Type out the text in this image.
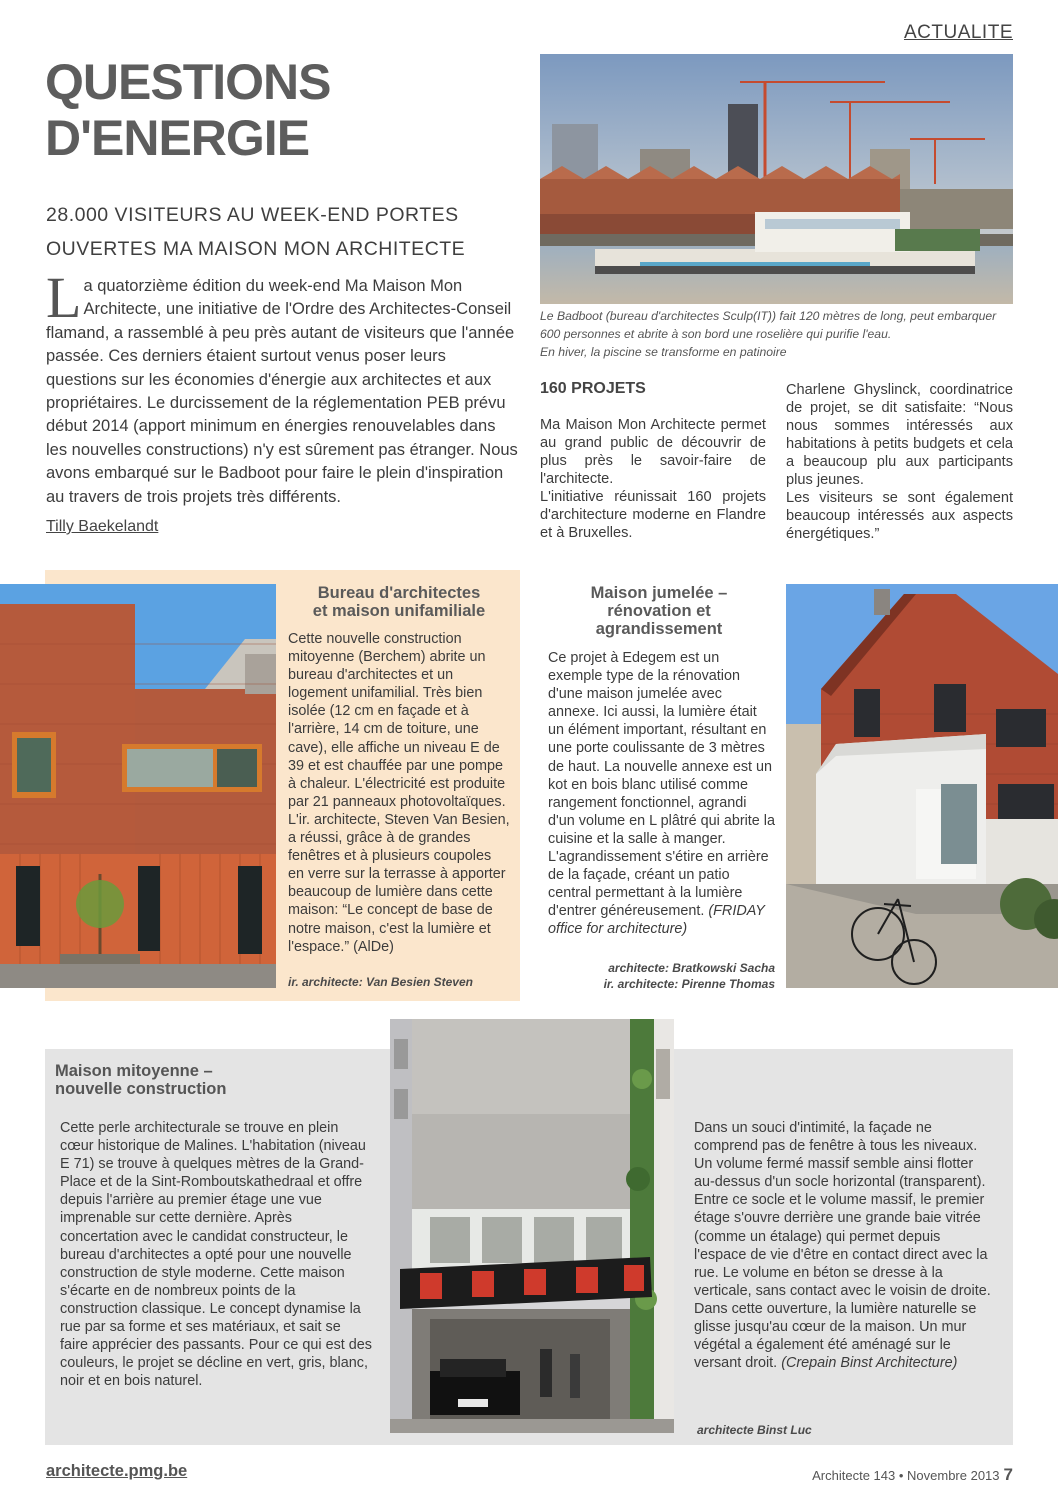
ACTUALITE
QUESTIONS
D'ENERGIE
28.000 VISITEURS AU WEEK-END PORTES
OUVERTES MA MAISON MON ARCHITECTE
La quatorzième édition du week-end Ma Maison Mon Architecte, une initiative de l'Ordre des Architectes-Conseil flamand, a rassemblé à peu près autant de visiteurs que l'année passée. Ces derniers étaient surtout venus poser leurs questions sur les économies d'énergie aux architectes et aux propriétaires. Le durcissement de la réglementation PEB prévu début 2014 (apport minimum en énergies renouvelables dans les nouvelles constructions) n'y est sûrement pas étranger. Nous avons embarqué sur le Badboot pour faire le plein d'inspiration au travers de trois projets très différents.
Tilly Baekelandt
Le Badboot (bureau d'architectes Sculp(IT)) fait 120 mètres de long, peut embarquer
600 personnes et abrite à son bord une roselière qui purifie l'eau.
En hiver, la piscine se transforme en patinoire
160 PROJETS

Ma Maison Mon Architecte permet au grand public de découvrir de plus près le savoir-faire de l'architecte.

L'initiative réunissait 160 projets d'architecture moderne en Flandre et à Bruxelles.

Charlene Ghyslinck, coordinatrice de projet, se dit satisfaite: “Nous nous sommes intéressés aux habitations à petits budgets et cela a beaucoup plu aux participants plus jeunes.

Les visiteurs se sont également beaucoup intéressés aux aspects énergétiques.”

Bureau d'architectes
et maison unifamiliale
Cette nouvelle construction mitoyenne (Berchem) abrite un bureau d'architectes et un logement unifamilial. Très bien isolée (12 cm en façade et à l'arrière, 14 cm de toiture, une cave), elle affiche un niveau E de 39 et est chauffée par une pompe à chaleur. L'électricité est produite par 21 panneaux photovoltaïques. L'ir. architecte, Steven Van Besien, a réussi, grâce à de grandes fenêtres et à plusieurs coupoles en verre sur la terrasse à apporter beaucoup de lumière dans cette maison: “Le concept de base de notre maison, c'est la lumière et l'espace.” (AlDe)
ir. architecte: Van Besien Steven
Maison jumelée –
rénovation et
agrandissement
Ce projet à Edegem est un exemple type de la rénovation d'une maison jumelée avec annexe. Ici aussi, la lumière était un élément important, résultant en une porte coulissante de 3 mètres de haut. La nouvelle annexe est un kot en bois blanc utilisé comme rangement fonctionnel, agrandi d'un volume en L plâtré qui abrite la cuisine et la salle à manger. L'agrandissement s'étire en arrière de la façade, créant un patio central permettant à la lumière d'entrer généreusement. (FRIDAY office for architecture)
architecte: Bratkowski Sacha
ir. architecte: Pirenne Thomas
Maison mitoyenne –
nouvelle construction
Cette perle architecturale se trouve en plein cœur historique de Malines. L'habitation (niveau E 71) se trouve à quelques mètres de la Grand-Place et de la Sint-Romboutskathedraal et offre depuis l'arrière au premier étage une vue imprenable sur cette dernière. Après concertation avec le candidat constructeur, le bureau d'architectes a opté pour une nouvelle construction de style moderne. Cette maison s'écarte en de nombreux points de la construction classique. Le concept dynamise la rue par sa forme et ses matériaux, et sait se faire apprécier des passants. Pour ce qui est des couleurs, le projet se décline en vert, gris, blanc, noir et en bois naturel.
Dans un souci d'intimité, la façade ne comprend pas de fenêtre à tous les niveaux. Un volume fermé massif semble ainsi flotter au-dessus d'un socle horizontal (transparent). Entre ce socle et le volume massif, le premier étage s'ouvre derrière une grande baie vitrée (comme un étalage) qui permet depuis l'espace de vie d'être en contact direct avec la rue. Le volume en béton se dresse à la verticale, sans contact avec le voisin de droite. Dans cette ouverture, la lumière naturelle se glisse jusqu'au cœur de la maison. Un mur végétal a également été aménagé sur le versant droit. (Crepain Binst Architecture)
architecte Binst Luc
architecte.pmg.be	Architecte 143 • Novembre 2013 7
